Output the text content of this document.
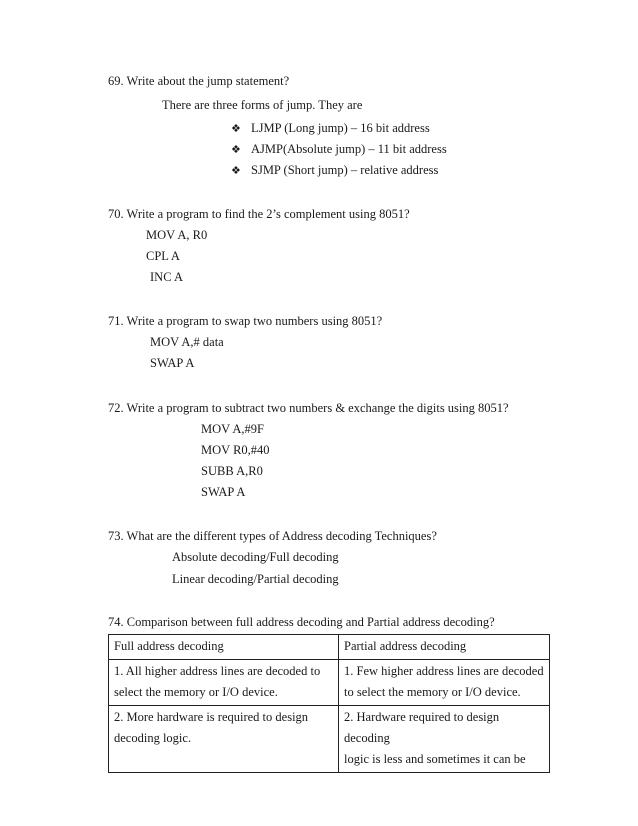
69. Write about the jump statement?
There are three forms of jump. They are
❖ LJMP (Long jump) – 16 bit address
❖ AJMP(Absolute jump) – 11 bit address
❖ SJMP (Short jump) – relative address
70. Write a program to find the 2’s complement using 8051?
MOV A, R0
CPL A
INC A
71. Write a program to swap two numbers using 8051?
MOV A,# data
SWAP A
72. Write a program to subtract two numbers & exchange the digits using 8051?
MOV A,#9F
MOV R0,#40
SUBB A,R0
SWAP A
73. What are the different types of Address decoding Techniques?
Absolute decoding/Full decoding
Linear decoding/Partial decoding
74. Comparison between full address decoding and Partial address decoding?
Full address decoding	Partial address decoding

1. All higher address lines are decoded to
select the memory or I/O device.	1. Few higher address lines are decoded
to select the memory or I/O device.

2. More hardware is required to design
decoding logic.	2. Hardware required to design decoding
logic is less and sometimes it can be
